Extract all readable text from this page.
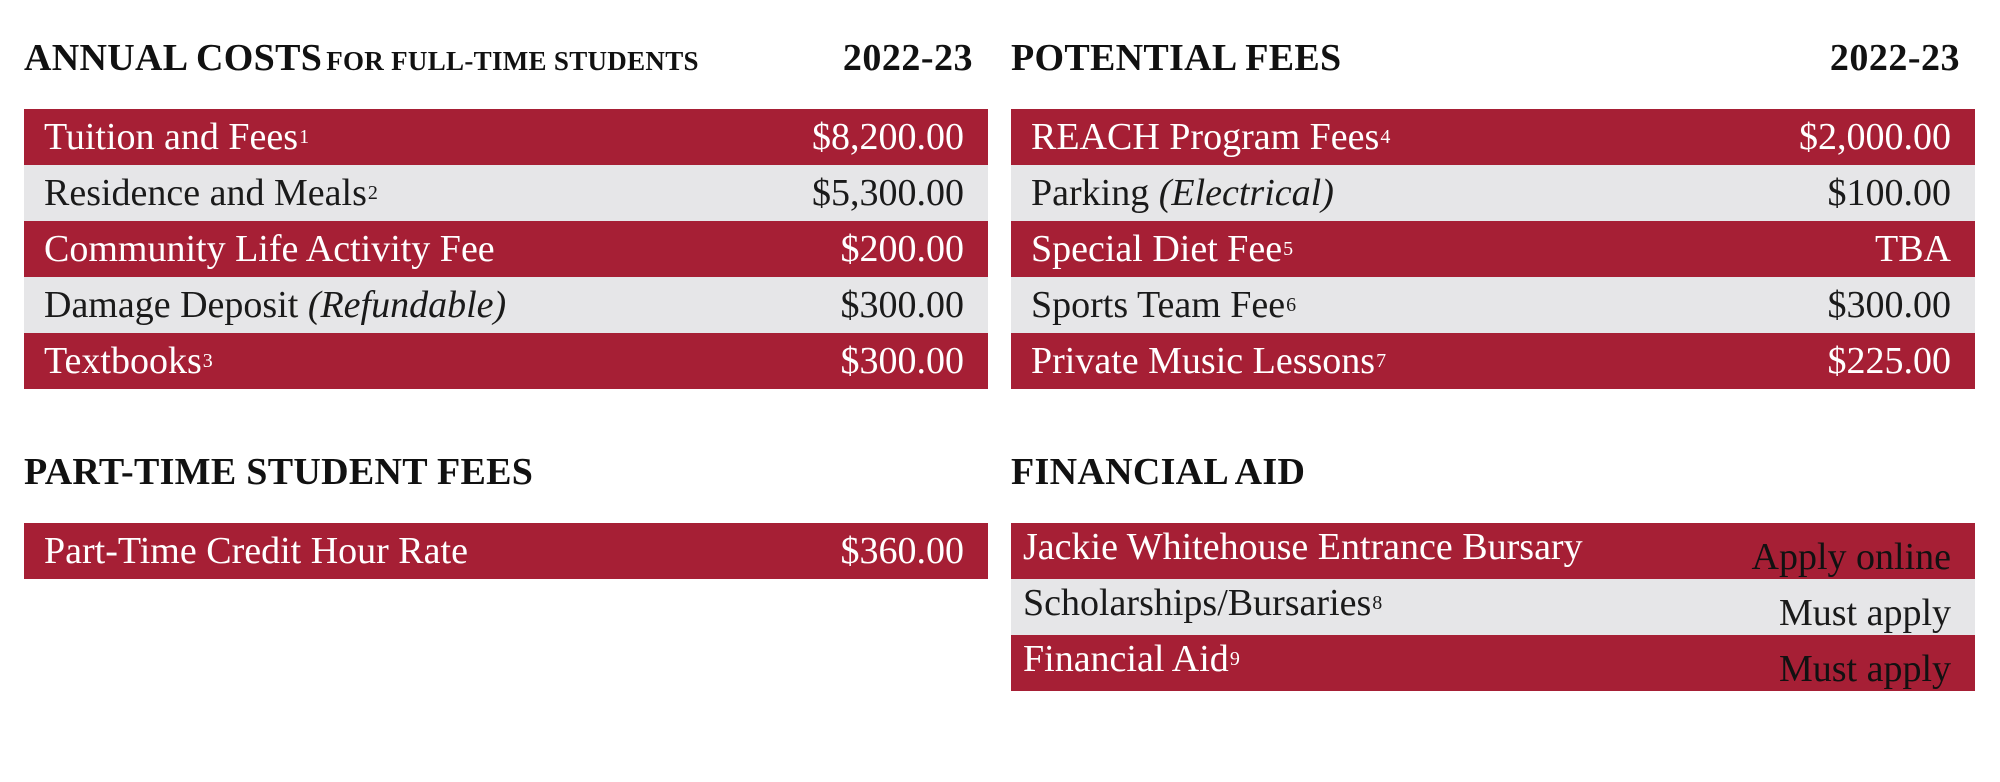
ANNUAL COSTS FOR FULL-TIME STUDENTS	2022-23
Tuition and Fees$^1$	$8,200.00
Residence and Meals$^2$	$5,300.00
Community Life Activity Fee	$200.00
Damage Deposit (Refundable)	$300.00
Textbooks$^3$	$300.00
POTENTIAL FEES	2022-23
REACH Program Fees$^4$	$2,000.00
Parking (Electrical)	$100.00
Special Diet Fee$^5$	TBA
Sports Team Fee$^6$	$300.00
Private Music Lessons$^7$	$225.00
PART-TIME STUDENT FEES
Part-Time Credit Hour Rate	$360.00
FINANCIAL AID
Jackie Whitehouse Entrance Bursary	Apply online
Scholarships/Bursaries$^8$	Must apply
Financial Aid$^9$	Must apply
